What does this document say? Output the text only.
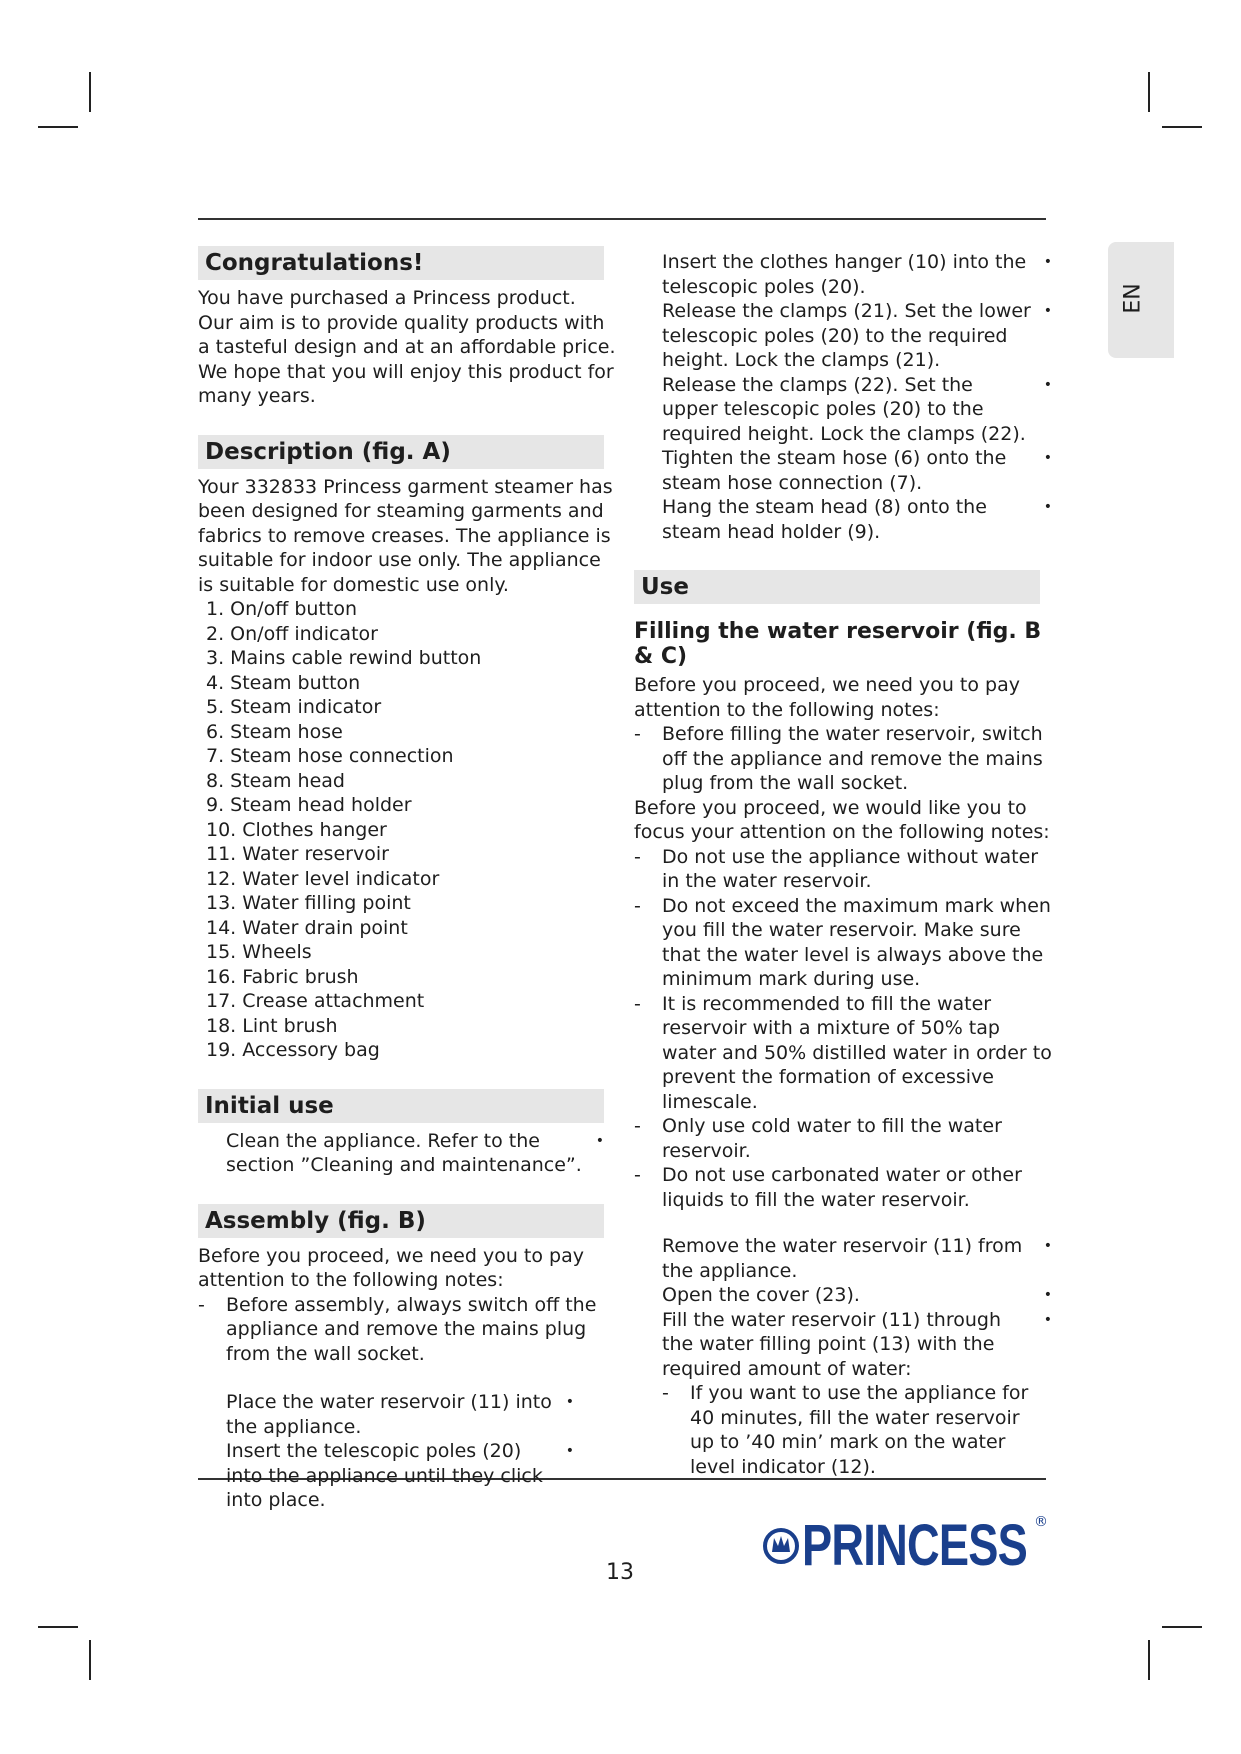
EN
Congratulations!

You have purchased a Princess product. Our aim is to provide quality products with a tasteful design and at an affordable price. We hope that you will enjoy this product for many years.

Description (fig. A)

Your 332833 Princess garment steamer has been designed for steaming garments and fabrics to remove creases. The appliance is suitable for indoor use only. The appliance is suitable for domestic use only.

1. On/off button
2. On/off indicator
3. Mains cable rewind button
4. Steam button
5. Steam indicator
6. Steam hose
7. Steam hose connection
8. Steam head
9. Steam head holder
10. Clothes hanger
11. Water reservoir
12. Water level indicator
13. Water filling point
14. Water drain point
15. Wheels
16. Fabric brush
17. Crease attachment
18. Lint brush
19. Accessory bag
Initial use

Clean the appliance. Refer to the section ”Cleaning and maintenance”. •

Assembly (fig. B)

Before you proceed, we need you to pay attention to the following notes:

- Before assembly, always switch off the appliance and remove the mains plug from the wall socket.

Place the water reservoir (11) into the appliance. •

Insert the telescopic poles (20) into the appliance until they click into place. •

Insert the clothes hanger (10) into the telescopic poles (20). •

Release the clamps (21). Set the lower telescopic poles (20) to the required height. Lock the clamps (21). •

Release the clamps (22). Set the upper telescopic poles (20) to the required height. Lock the clamps (22). •

Tighten the steam hose (6) onto the steam hose connection (7). •

Hang the steam head (8) onto the steam head holder (9). •

Use
Filling the water reservoir (fig. B & C)

Before you proceed, we need you to pay attention to the following notes:

- Before filling the water reservoir, switch off the appliance and remove the mains plug from the wall socket.

Before you proceed, we would like you to focus your attention on the following notes:

- Do not use the appliance without water in the water reservoir.

- Do not exceed the maximum mark when you fill the water reservoir. Make sure that the water level is always above the minimum mark during use.

- It is recommended to fill the water reservoir with a mixture of 50% tap water and 50% distilled water in order to prevent the formation of excessive limescale.

- Only use cold water to fill the water reservoir.

- Do not use carbonated water or other liquids to fill the water reservoir.

Remove the water reservoir (11) from the appliance. •

Open the cover (23). •

Fill the water reservoir (11) through the water filling point (13) with the required amount of water: •

- If you want to use the appliance for 40 minutes, fill the water reservoir up to ’40 min’ mark on the water level indicator (12).

13	PRINCESS ®
